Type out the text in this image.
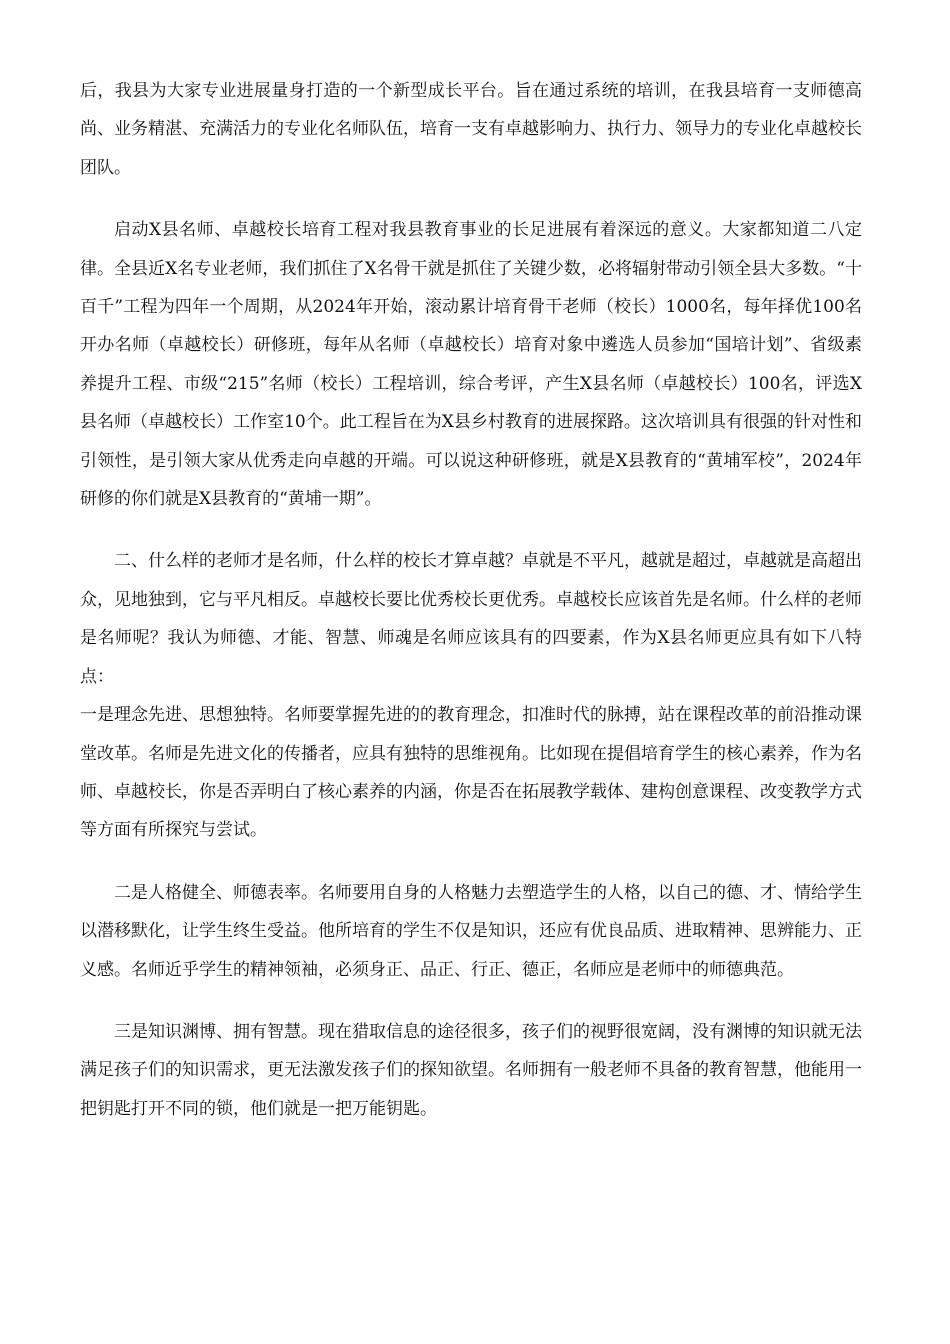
后，我县为大家专业进展量身打造的一个新型成长平台。旨在通过系统的培训，在我县培育一支师德高尚、业务精湛、充满活力的专业化名师队伍，培育一支有卓越影响力、执行力、领导力的专业化卓越校长团队。

启动X县名师、卓越校长培育工程对我县教育事业的长足进展有着深远的意义。大家都知道二八定律。全县近X名专业老师，我们抓住了X名骨干就是抓住了关键少数，必将辐射带动引领全县大多数。“十百千”工程为四年一个周期，从2024年开始，滚动累计培育骨干老师（校长）1000名，每年择优100名开办名师（卓越校长）研修班，每年从名师（卓越校长）培育对象中遴选人员参加“国培计划”、省级素养提升工程、市级“215”名师（校长）工程培训，综合考评，产生X县名师（卓越校长）100名，评选X县名师（卓越校长）工作室10个。此工程旨在为X县乡村教育的进展探路。这次培训具有很强的针对性和引领性，是引领大家从优秀走向卓越的开端。可以说这种研修班，就是X县教育的“黄埔军校”，2024年研修的你们就是X县教育的“黄埔一期”。

二、什么样的老师才是名师，什么样的校长才算卓越？卓就是不平凡，越就是超过，卓越就是高超出众，见地独到，它与平凡相反。卓越校长要比优秀校长更优秀。卓越校长应该首先是名师。什么样的老师是名师呢？我认为师德、才能、智慧、师魂是名师应该具有的四要素，作为X县名师更应具有如下八特点：

一是理念先进、思想独特。名师要掌握先进的的教育理念，扣准时代的脉搏，站在课程改革的前沿推动课堂改革。名师是先进文化的传播者，应具有独特的思维视角。比如现在提倡培育学生的核心素养，作为名师、卓越校长，你是否弄明白了核心素养的内涵，你是否在拓展教学载体、建构创意课程、改变教学方式等方面有所探究与尝试。

二是人格健全、师德表率。名师要用自身的人格魅力去塑造学生的人格，以自己的德、才、情给学生以潜移默化，让学生终生受益。他所培育的学生不仅是知识，还应有优良品质、进取精神、思辨能力、正义感。名师近乎学生的精神领袖，必须身正、品正、行正、德正，名师应是老师中的师德典范。

三是知识渊博、拥有智慧。现在猎取信息的途径很多，孩子们的视野很宽阔，没有渊博的知识就无法满足孩子们的知识需求，更无法激发孩子们的探知欲望。名师拥有一般老师不具备的教育智慧，他能用一把钥匙打开不同的锁，他们就是一把万能钥匙。
